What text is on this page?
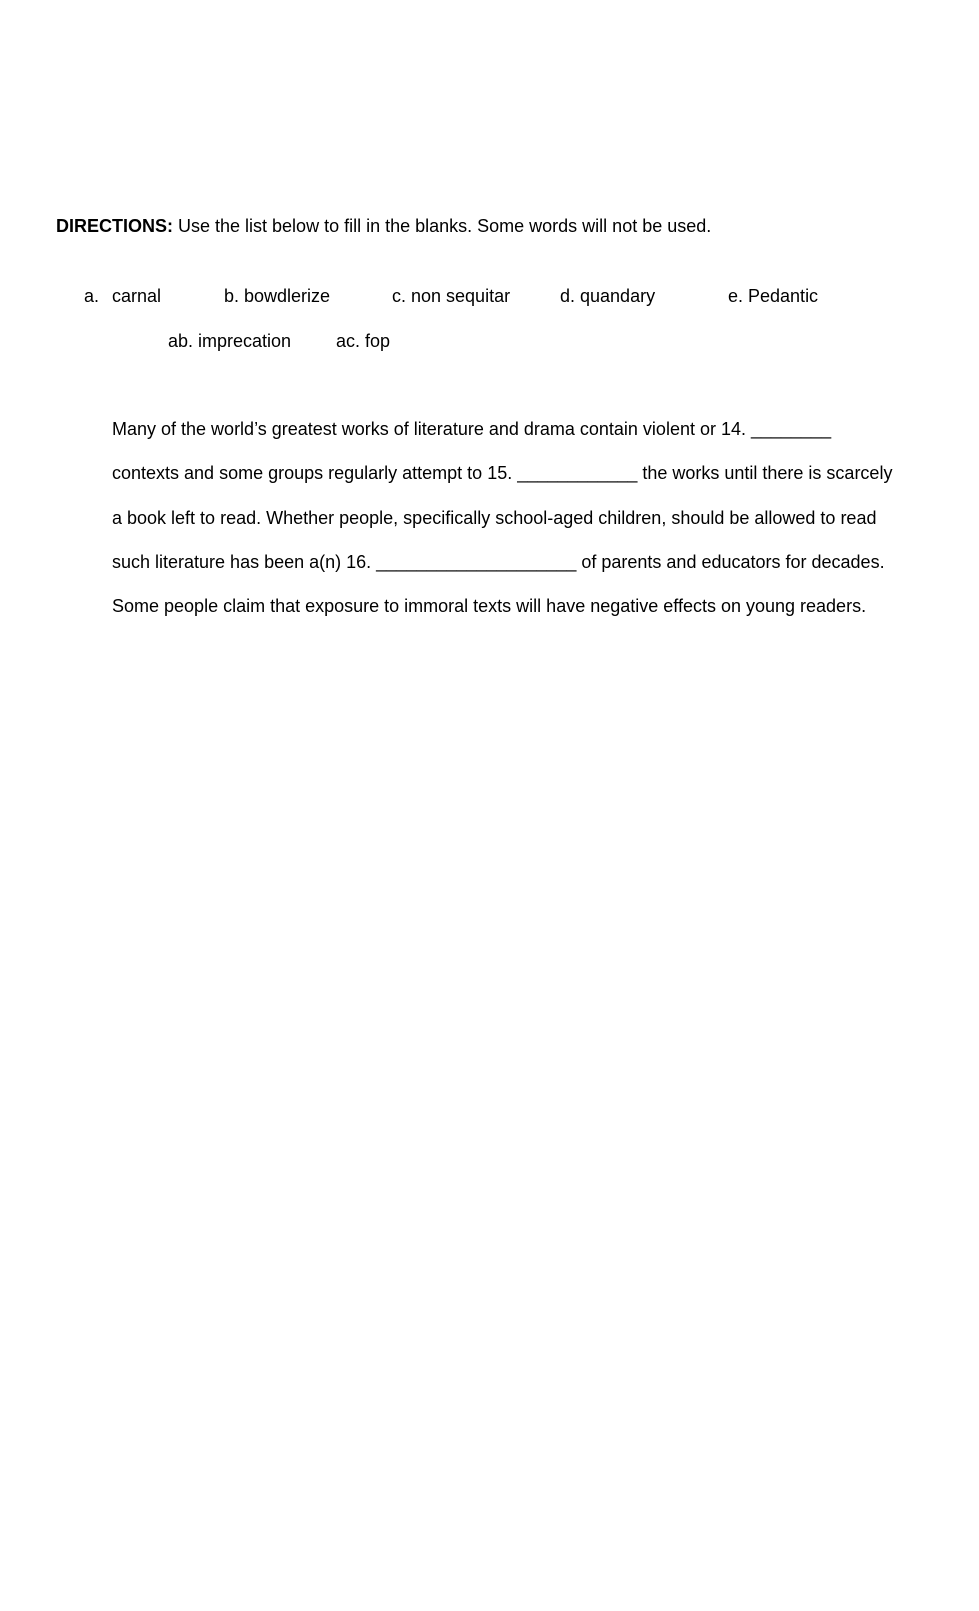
DIRECTIONS: Use the list below to fill in the blanks. Some words will not be used.
a. carnal	b. bowdlerize	c. non sequitar	d. quandary	e. Pedantic
ab. imprecation ac. fop
Many of the world’s greatest works of literature and drama contain violent or 14. ________
contexts and some groups regularly attempt to 15. ____________ the works until there is scarcely
a book left to read. Whether people, specifically school-aged children, should be allowed to read
such literature has been a(n) 16. ____________________ of parents and educators for decades.
Some people claim that exposure to immoral texts will have negative effects on young readers.
